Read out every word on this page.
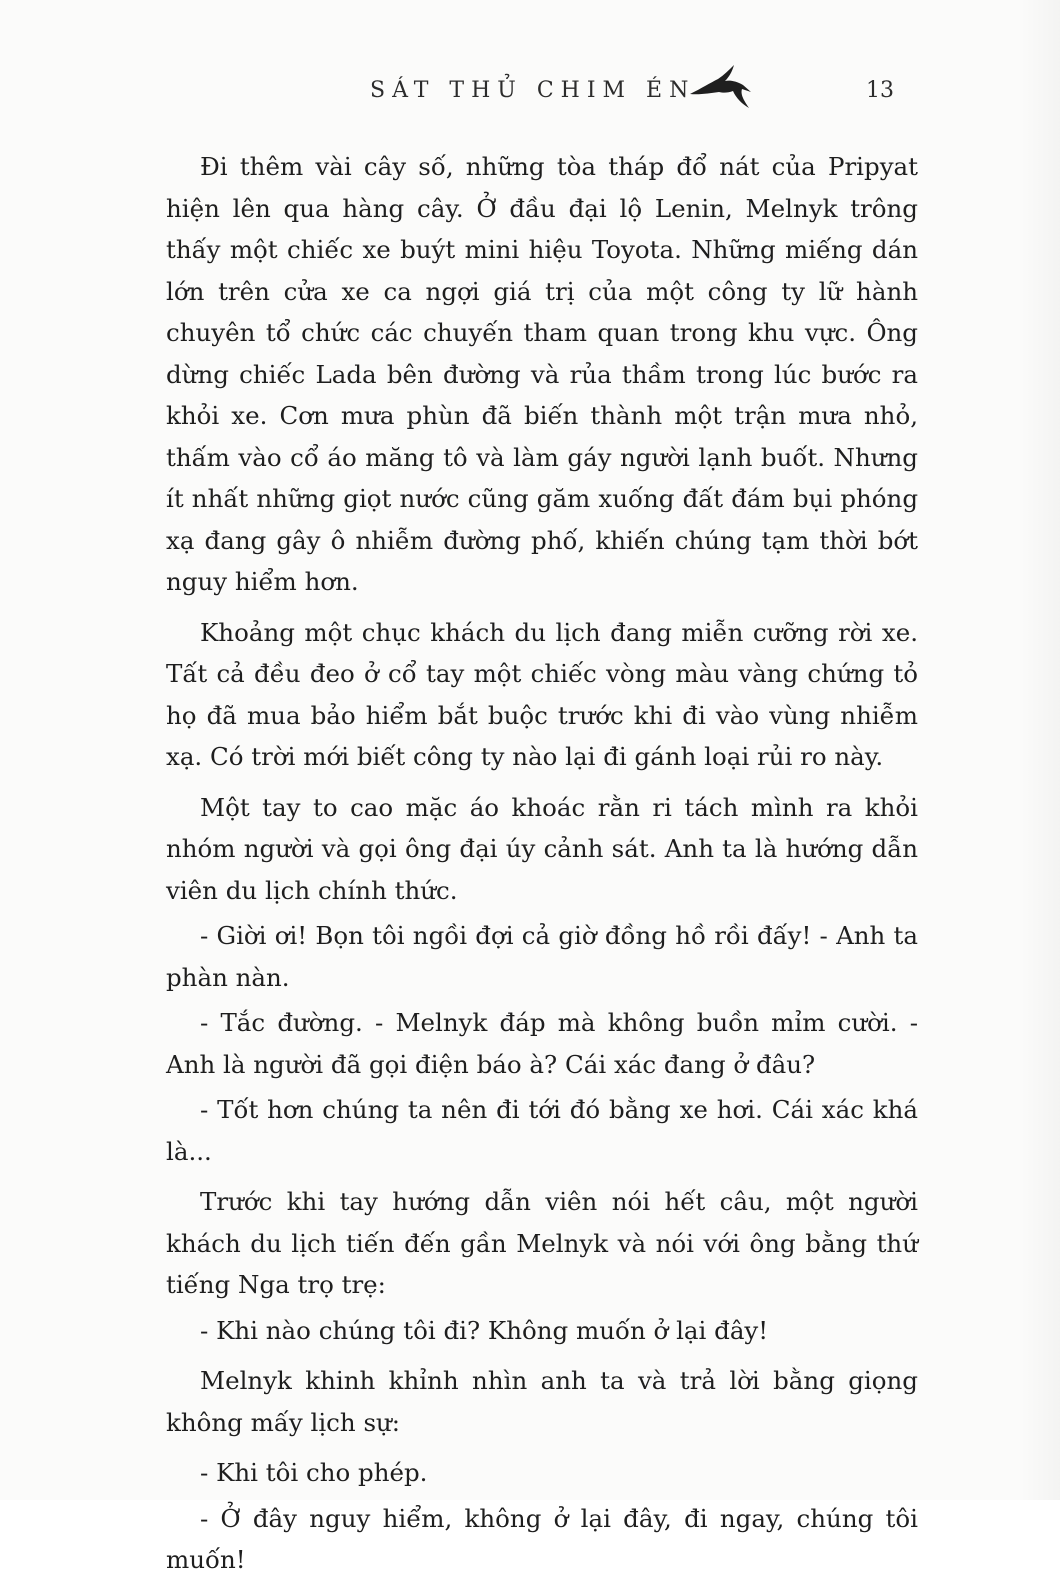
SÁT THỦ CHIM ÉN	13

Đi thêm vài cây số, những tòa tháp đổ nát của Pripyat hiện lên qua hàng cây. Ở đầu đại lộ Lenin, Melnyk trông thấy một chiếc xe buýt mini hiệu Toyota. Những miếng dán lớn trên cửa xe ca ngợi giá trị của một công ty lữ hành chuyên tổ chức các chuyến tham quan trong khu vực. Ông dừng chiếc Lada bên đường và rủa thầm trong lúc bước ra khỏi xe. Cơn mưa phùn đã biến thành một trận mưa nhỏ, thấm vào cổ áo măng tô và làm gáy người lạnh buốt. Nhưng ít nhất những giọt nước cũng găm xuống đất đám bụi phóng xạ đang gây ô nhiễm đường phố, khiến chúng tạm thời bớt nguy hiểm hơn.

Khoảng một chục khách du lịch đang miễn cưỡng rời xe. Tất cả đều đeo ở cổ tay một chiếc vòng màu vàng chứng tỏ họ đã mua bảo hiểm bắt buộc trước khi đi vào vùng nhiễm xạ. Có trời mới biết công ty nào lại đi gánh loại rủi ro này.

Một tay to cao mặc áo khoác rằn ri tách mình ra khỏi nhóm người và gọi ông đại úy cảnh sát. Anh ta là hướng dẫn viên du lịch chính thức.

- Giời ơi! Bọn tôi ngồi đợi cả giờ đồng hồ rồi đấy! - Anh ta phàn nàn.

- Tắc đường. - Melnyk đáp mà không buồn mỉm cười. - Anh là người đã gọi điện báo à? Cái xác đang ở đâu?

- Tốt hơn chúng ta nên đi tới đó bằng xe hơi. Cái xác khá là...

Trước khi tay hướng dẫn viên nói hết câu, một người khách du lịch tiến đến gần Melnyk và nói với ông bằng thứ tiếng Nga trọ trẹ:

- Khi nào chúng tôi đi? Không muốn ở lại đây!

Melnyk khinh khỉnh nhìn anh ta và trả lời bằng giọng không mấy lịch sự:

- Khi tôi cho phép.

- Ở đây nguy hiểm, không ở lại đây, đi ngay, chúng tôi muốn!
